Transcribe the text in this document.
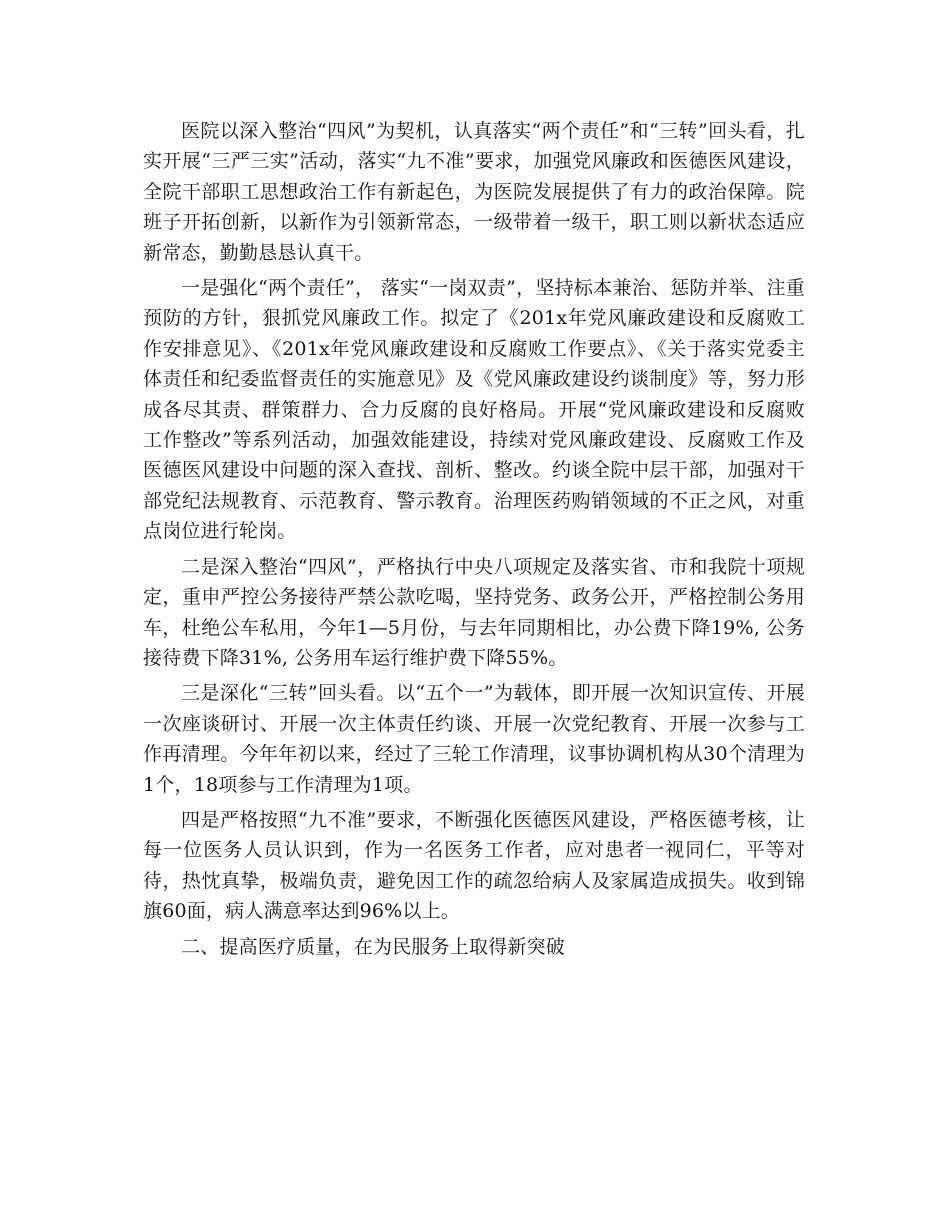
医院以深入整治“四风”为契机，认真落实“两个责任”和“三转”回头看，扎实开展“三严三实”活动，落实“九不准”要求，加强党风廉政和医德医风建设，全院干部职工思想政治工作有新起色，为医院发展提供了有力的政治保障。院班子开拓创新，以新作为引领新常态，一级带着一级干，职工则以新状态适应新常态，勤勤恳恳认真干。

一是强化“两个责任”， 落实“一岗双责”，坚持标本兼治、惩防并举、注重预防的方针，狠抓党风廉政工作。拟定了《201x年党风廉政建设和反腐败工作安排意见》、《201x年党风廉政建设和反腐败工作要点》、《关于落实党委主体责任和纪委监督责任的实施意见》及《党风廉政建设约谈制度》等，努力形成各尽其责、群策群力、合力反腐的良好格局。开展“党风廉政建设和反腐败工作整改”等系列活动，加强效能建设，持续对党风廉政建设、反腐败工作及医德医风建设中问题的深入查找、剖析、整改。约谈全院中层干部，加强对干部党纪法规教育、示范教育、警示教育。治理医药购销领域的不正之风，对重点岗位进行轮岗。

二是深入整治“四风”，严格执行中央八项规定及落实省、市和我院十项规定，重申严控公务接待严禁公款吃喝，坚持党务、政务公开，严格控制公务用车，杜绝公车私用，今年1—5月份，与去年同期相比，办公费下降19%, 公务接待费下降31%, 公务用车运行维护费下降55%。

三是深化“三转”回头看。以“五个一”为载体，即开展一次知识宣传、开展一次座谈研讨、开展一次主体责任约谈、开展一次党纪教育、开展一次参与工作再清理。今年年初以来，经过了三轮工作清理，议事协调机构从30个清理为1个，18项参与工作清理为1项。

四是严格按照“九不准”要求，不断强化医德医风建设，严格医德考核，让每一位医务人员认识到，作为一名医务工作者，应对患者一视同仁，平等对待，热忱真挚，极端负责，避免因工作的疏忽给病人及家属造成损失。收到锦旗60面，病人满意率达到96%以上。

二、提高医疗质量，在为民服务上取得新突破
